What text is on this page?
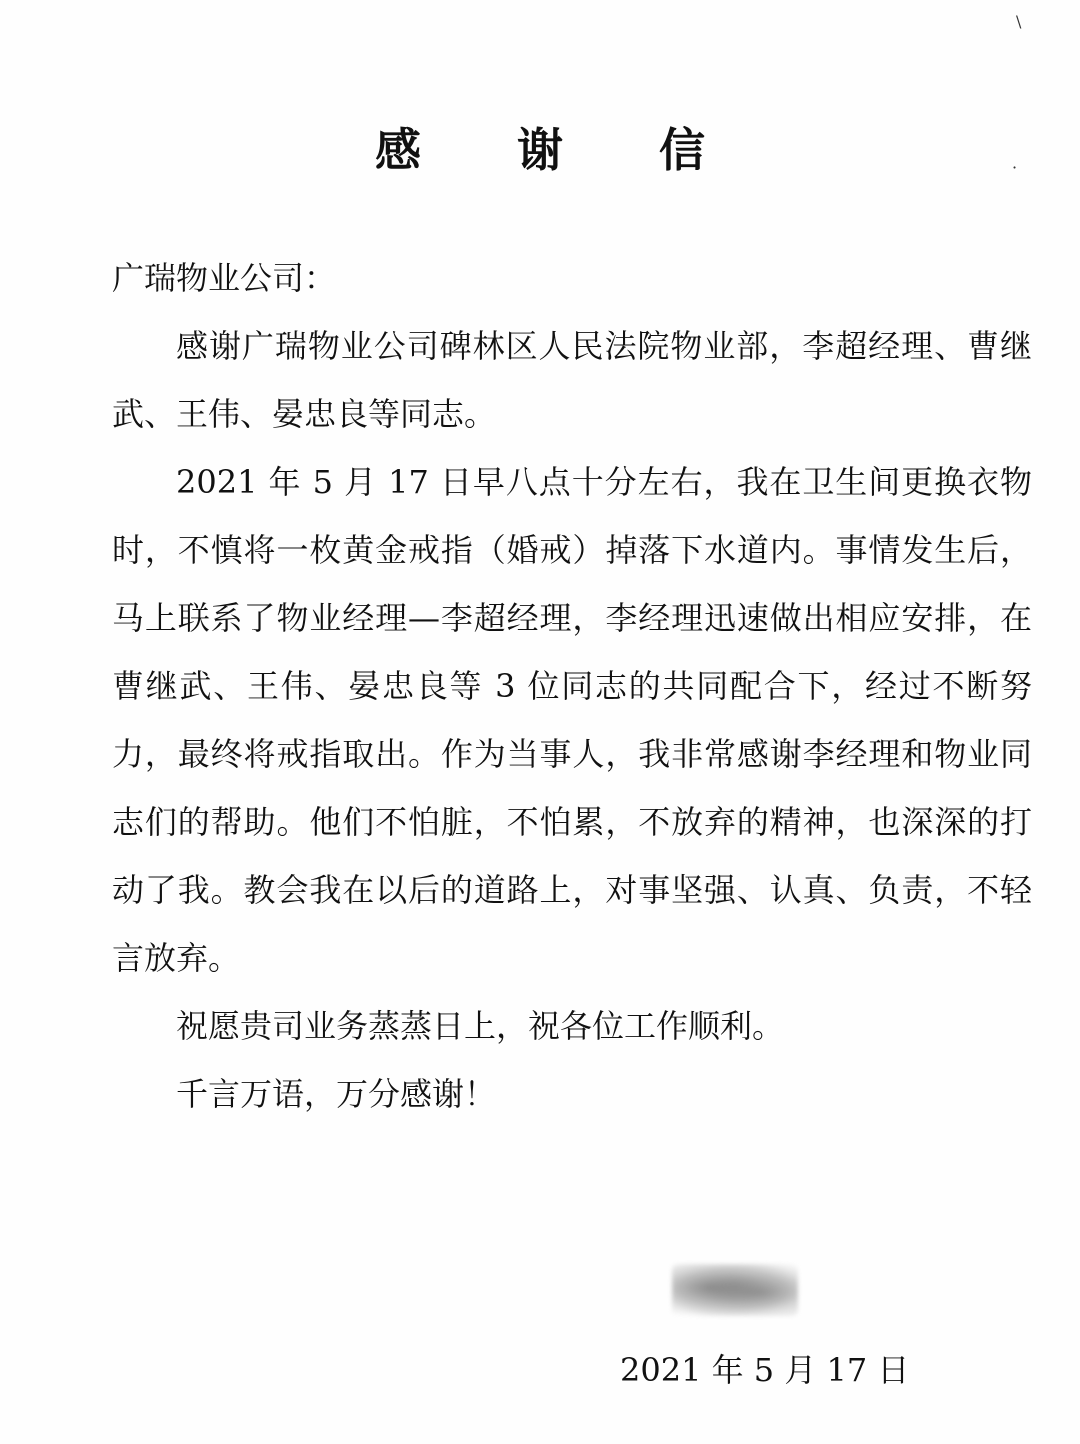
\
·
感 谢 信

广瑞物业公司：

感谢广瑞物业公司碑林区人民法院物业部，李超经理、曹继武、王伟、晏忠良等同志。

2021 年 5 月 17 日早八点十分左右，我在卫生间更换衣物时，不慎将一枚黄金戒指（婚戒）掉落下水道内。事情发生后，马上联系了物业经理—李超经理，李经理迅速做出相应安排，在曹继武、王伟、晏忠良等 3 位同志的共同配合下，经过不断努力，最终将戒指取出。作为当事人，我非常感谢李经理和物业同志们的帮助。他们不怕脏，不怕累，不放弃的精神，也深深的打动了我。教会我在以后的道路上，对事坚强、认真、负责，不轻言放弃。

祝愿贵司业务蒸蒸日上，祝各位工作顺利。

千言万语，万分感谢！

2021 年 5 月 17 日
